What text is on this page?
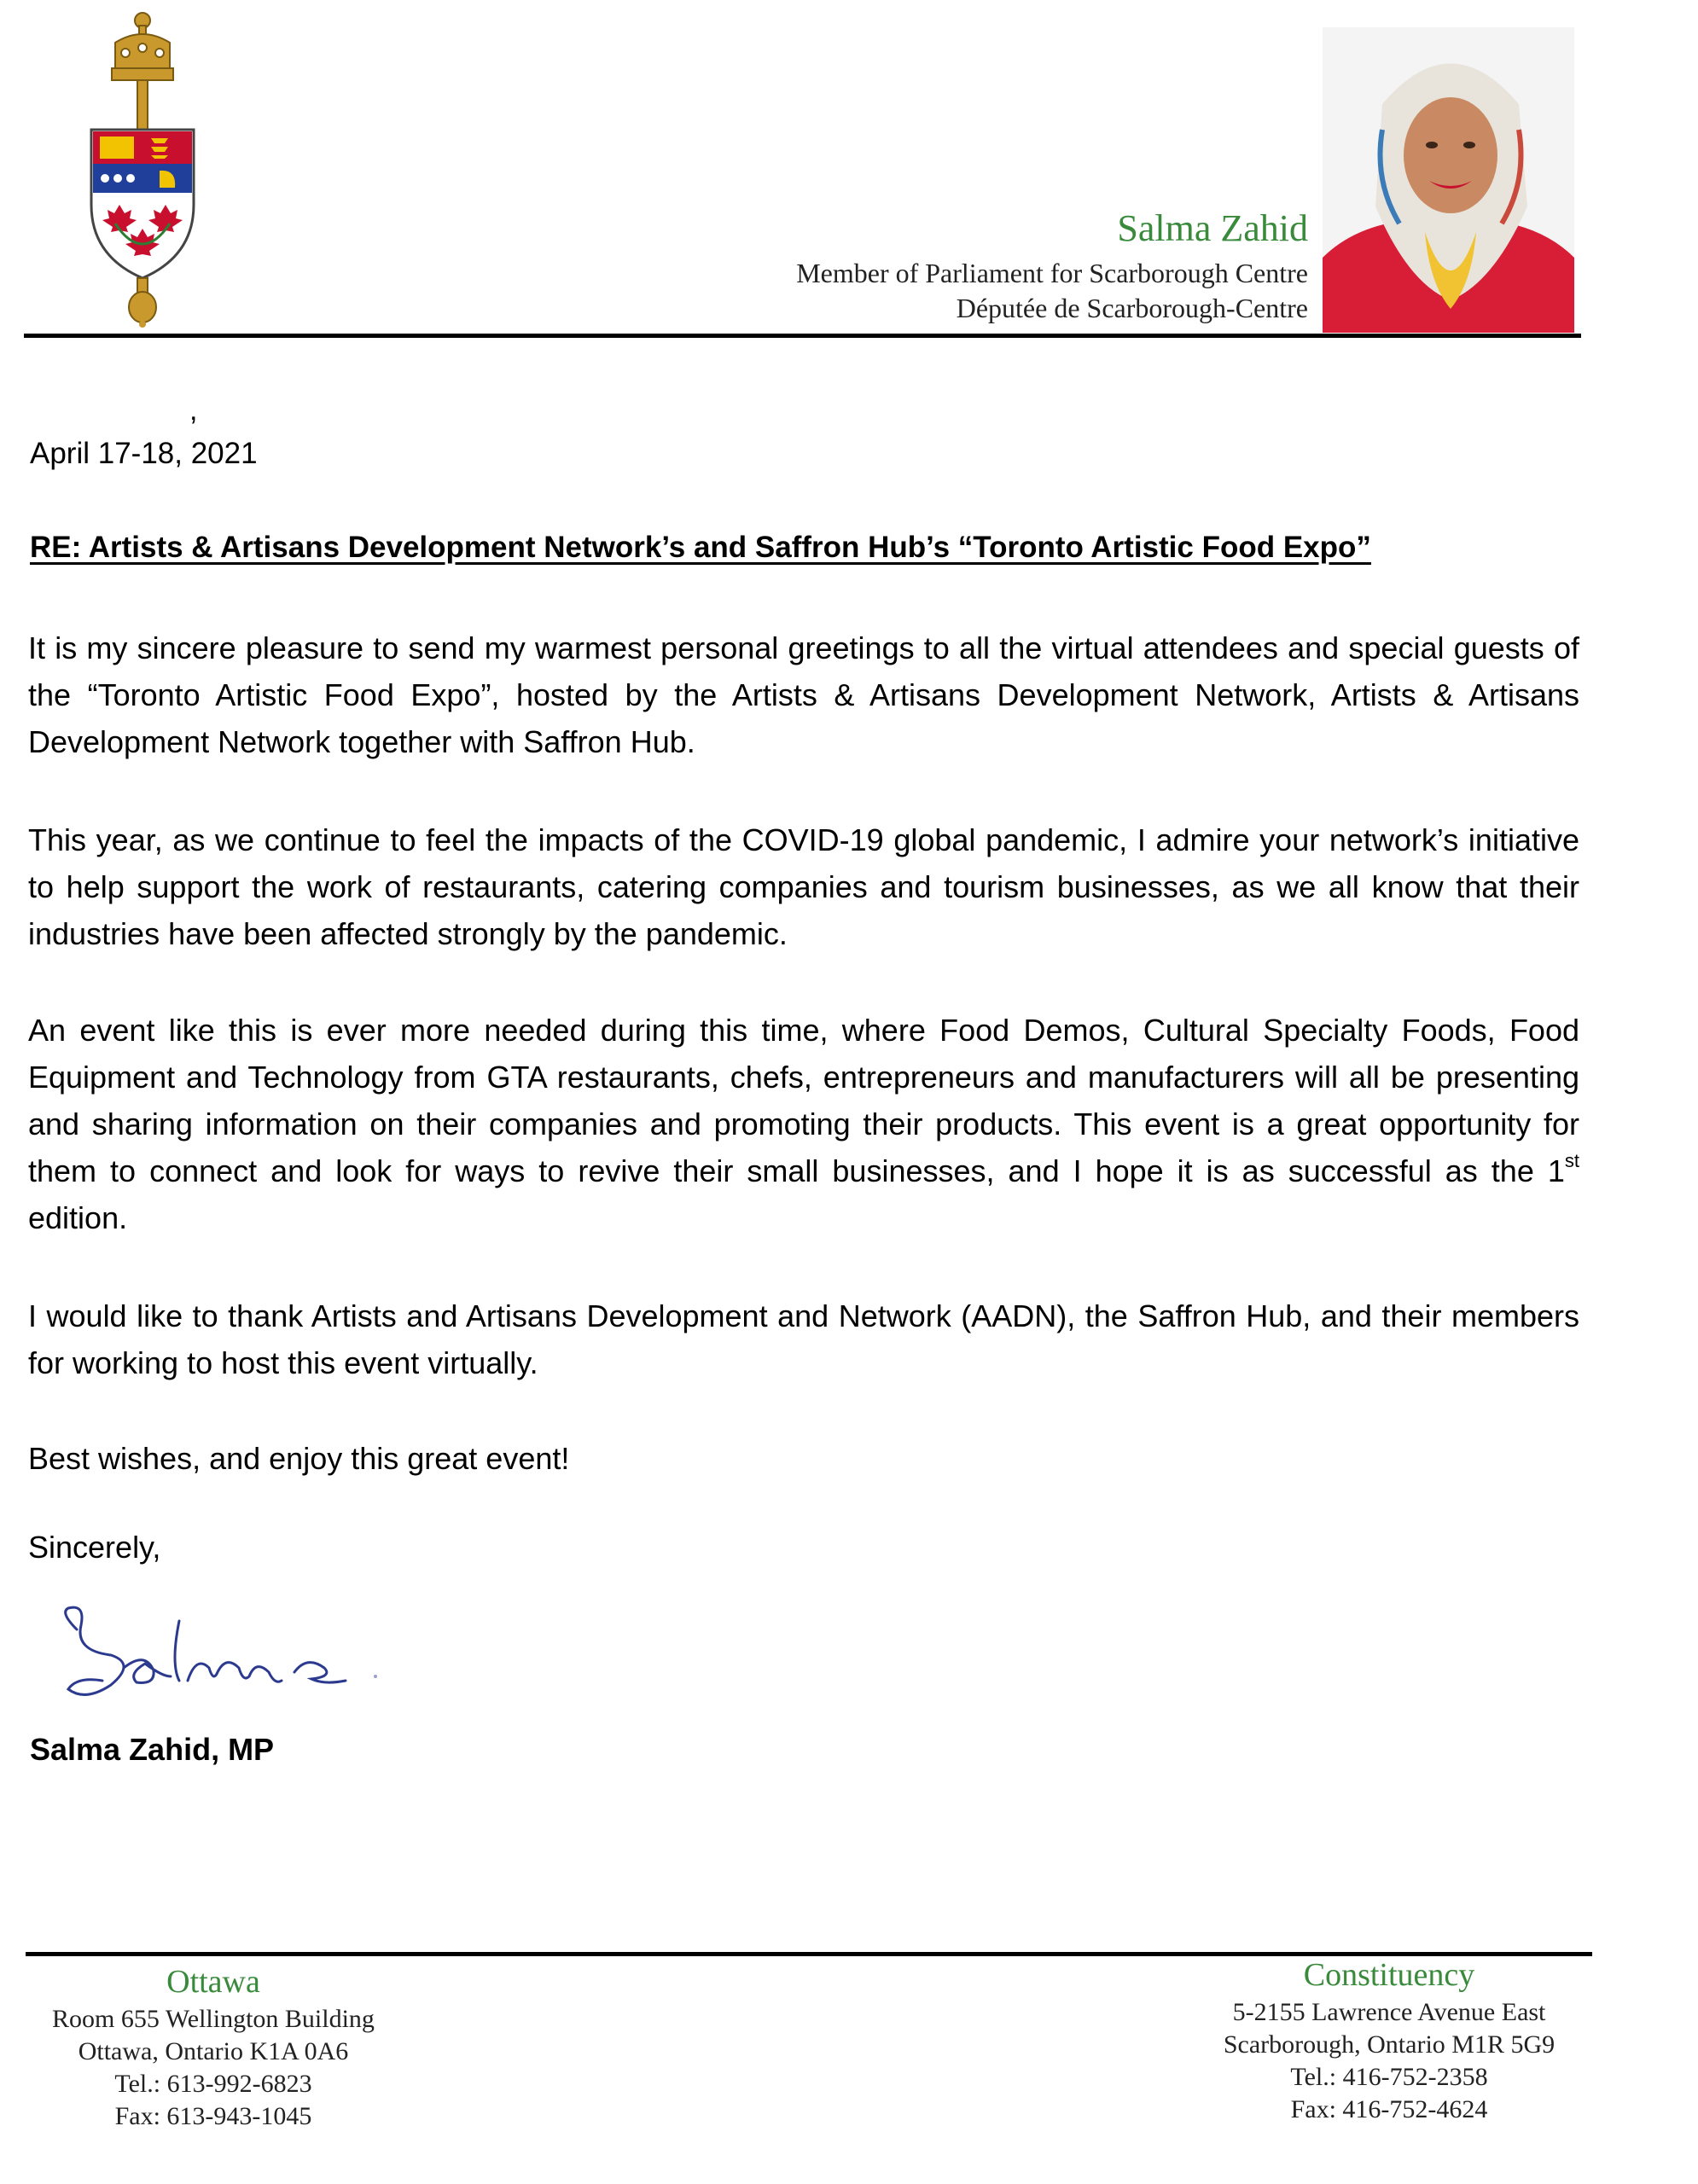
Salma Zahid
Member of Parliament for Scarborough Centre
Députée de Scarborough-Centre
,
April 17-18, 2021
RE: Artists & Artisans Development Network’s and Saffron Hub’s “Toronto Artistic Food Expo”

It is my sincere pleasure to send my warmest personal greetings to all the virtual attendees and special guests of the “Toronto Artistic Food Expo”, hosted by the Artists & Artisans Development Network, Artists & Artisans Development Network together with Saffron Hub.

This year, as we continue to feel the impacts of the COVID-19 global pandemic, I admire your network’s initiative to help support the work of restaurants, catering companies and tourism businesses, as we all know that their industries have been affected strongly by the pandemic.

An event like this is ever more needed during this time, where Food Demos, Cultural Specialty Foods, Food Equipment and Technology from GTA restaurants, chefs, entrepreneurs and manufacturers will all be presenting and sharing information on their companies and promoting their products. This event is a great opportunity for them to connect and look for ways to revive their small businesses, and I hope it is as successful as the 1st edition.

I would like to thank Artists and Artisans Development and Network (AADN), the Saffron Hub, and their members for working to host this event virtually.

Best wishes, and enjoy this great event!

Sincerely,
Salma Zahid, MP
Ottawa
Room 655 Wellington Building
Ottawa, Ontario K1A 0A6
Tel.: 613-992-6823
Fax: 613-943-1045
Constituency
5-2155 Lawrence Avenue East
Scarborough, Ontario M1R 5G9
Tel.: 416-752-2358
Fax: 416-752-4624
